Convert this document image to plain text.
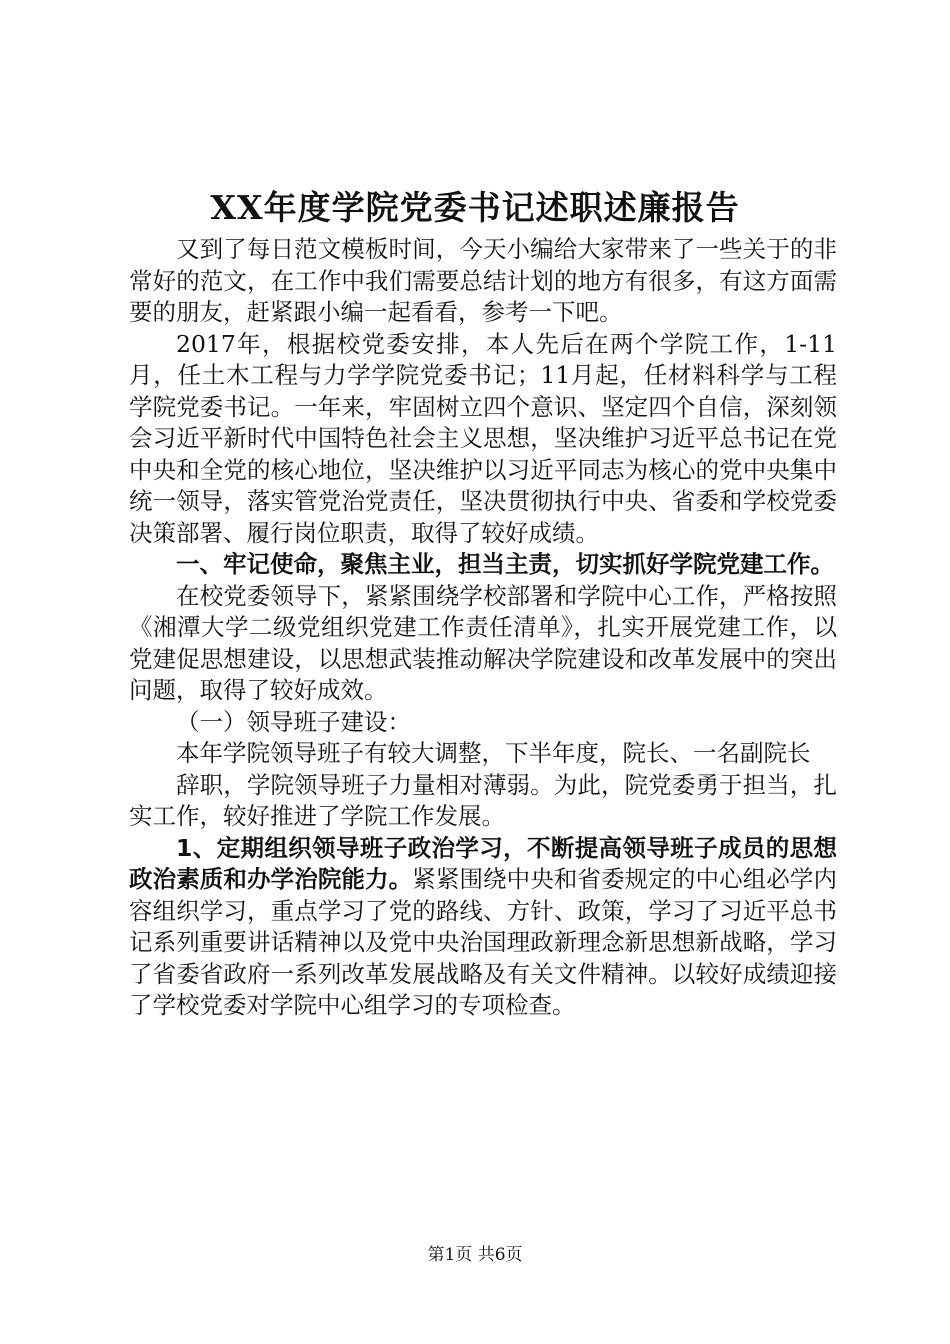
XX年度学院党委书记述职述廉报告

又到了每日范文模板时间，今天小编给大家带来了一些关于的非常好的范文，在工作中我们需要总结计划的地方有很多，有这方面需要的朋友，赶紧跟小编一起看看，参考一下吧。

2017年，根据校党委安排，本人先后在两个学院工作，1-11月，任土木工程与力学学院党委书记；11月起，任材料科学与工程学院党委书记。一年来，牢固树立四个意识、坚定四个自信，深刻领会习近平新时代中国特色社会主义思想，坚决维护习近平总书记在党中央和全党的核心地位，坚决维护以习近平同志为核心的党中央集中统一领导，落实管党治党责任，坚决贯彻执行中央、省委和学校党委决策部署、履行岗位职责，取得了较好成绩。

一、牢记使命，聚焦主业，担当主责，切实抓好学院党建工作。

在校党委领导下，紧紧围绕学校部署和学院中心工作，严格按照《湘潭大学二级党组织党建工作责任清单》，扎实开展党建工作，以党建促思想建设，以思想武装推动解决学院建设和改革发展中的突出问题，取得了较好成效。

（一）领导班子建设：

本年学院领导班子有较大调整，下半年度，院长、一名副院长

辞职，学院领导班子力量相对薄弱。为此，院党委勇于担当，扎实工作，较好推进了学院工作发展。

1、定期组织领导班子政治学习，不断提高领导班子成员的思想政治素质和办学治院能力。紧紧围绕中央和省委规定的中心组必学内容组织学习，重点学习了党的路线、方针、政策，学习了习近平总书记系列重要讲话精神以及党中央治国理政新理念新思想新战略，学习了省委省政府一系列改革发展战略及有关文件精神。以较好成绩迎接了学校党委对学院中心组学习的专项检查。

第1页 共6页
